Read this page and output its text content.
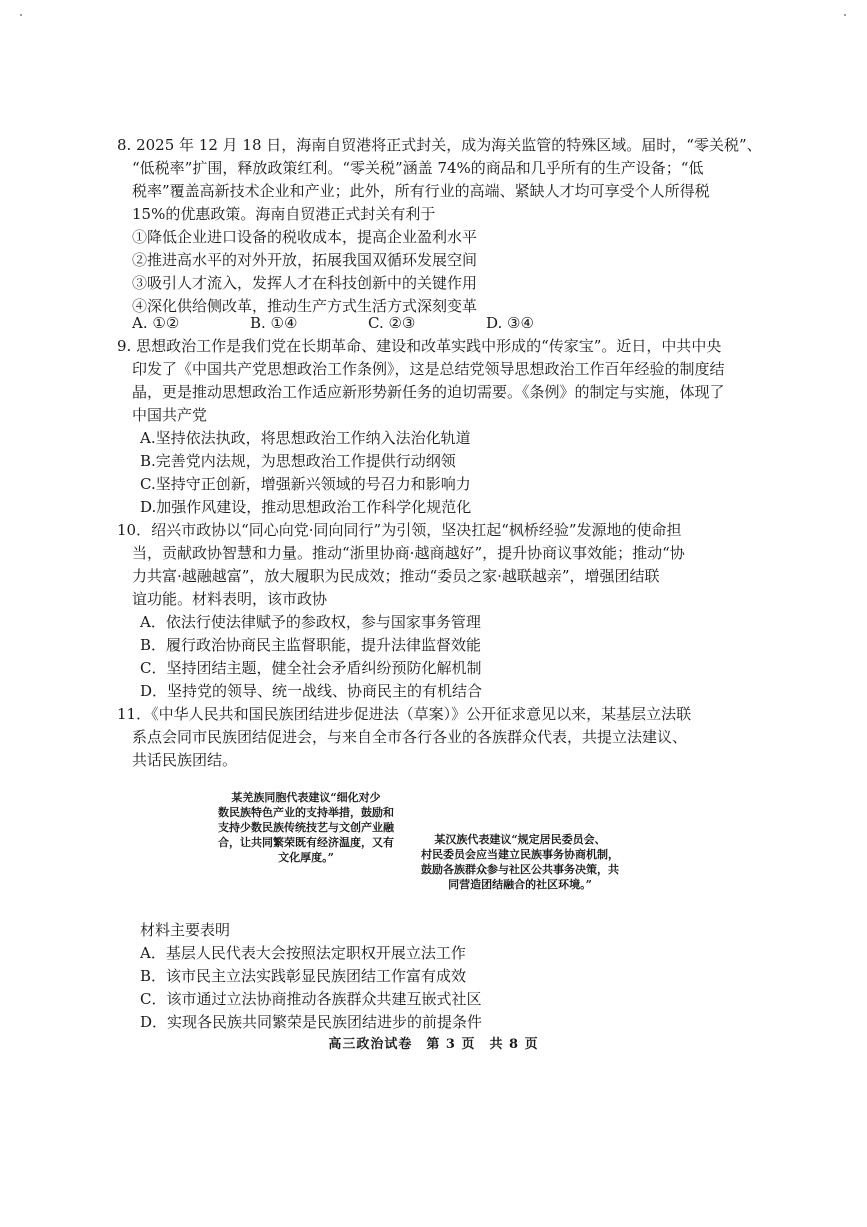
8. 2025 年 12 月 18 日，海南自贸港将正式封关，成为海关监管的特殊区域。届时，“零关税”、
“低税率”扩围，释放政策红利。“零关税”涵盖 74%的商品和几乎所有的生产设备；“低
税率”覆盖高新技术企业和产业；此外，所有行业的高端、紧缺人才均可享受个人所得税
15%的优惠政策。海南自贸港正式封关有利于
①降低企业进口设备的税收成本，提高企业盈利水平
②推进高水平的对外开放，拓展我国双循环发展空间
③吸引人才流入，发挥人才在科技创新中的关键作用
④深化供给侧改革，推动生产方式生活方式深刻变革
A. ①②	B. ①④	C. ②③	D. ③④
9. 思想政治工作是我们党在长期革命、建设和改革实践中形成的“传家宝”。近日，中共中央
印发了《中国共产党思想政治工作条例》，这是总结党领导思想政治工作百年经验的制度结
晶，更是推动思想政治工作适应新形势新任务的迫切需要。《条例》的制定与实施，体现了
中国共产党
A.坚持依法执政，将思想政治工作纳入法治化轨道
B.完善党内法规，为思想政治工作提供行动纲领
C.坚持守正创新，增强新兴领域的号召力和影响力
D.加强作风建设，推动思想政治工作科学化规范化
10．绍兴市政协以“同心向党·同向同行”为引领，坚决扛起“枫桥经验”发源地的使命担
当，贡献政协智慧和力量。推动“浙里协商·越商越好”，提升协商议事效能；推动“协
力共富·越融越富”，放大履职为民成效；推动“委员之家·越联越亲”，增强团结联
谊功能。材料表明，该市政协
A．依法行使法律赋予的参政权，参与国家事务管理
B．履行政治协商民主监督职能，提升法律监督效能
C．坚持团结主题，健全社会矛盾纠纷预防化解机制
D．坚持党的领导、统一战线、协商民主的有机结合
11．《中华人民共和国民族团结进步促进法（草案）》公开征求意见以来，某基层立法联
系点会同市民族团结促进会，与来自全市各行各业的各族群众代表，共提立法建议、
共话民族团结。
某羌族同胞代表建议“细化对少
数民族特色产业的支持举措，鼓励和
支持少数民族传统技艺与文创产业融
合，让共同繁荣既有经济温度，又有
文化厚度。”
某汉族代表建议“规定居民委员会、
村民委员会应当建立民族事务协商机制，
鼓励各族群众参与社区公共事务决策，共
同营造团结融合的社区环境。”
材料主要表明
A．基层人民代表大会按照法定职权开展立法工作
B．该市民主立法实践彰显民族团结工作富有成效
C．该市通过立法协商推动各族群众共建互嵌式社区
D．实现各民族共同繁荣是民族团结进步的前提条件
高三政治试卷　第 3 页　共 8 页
